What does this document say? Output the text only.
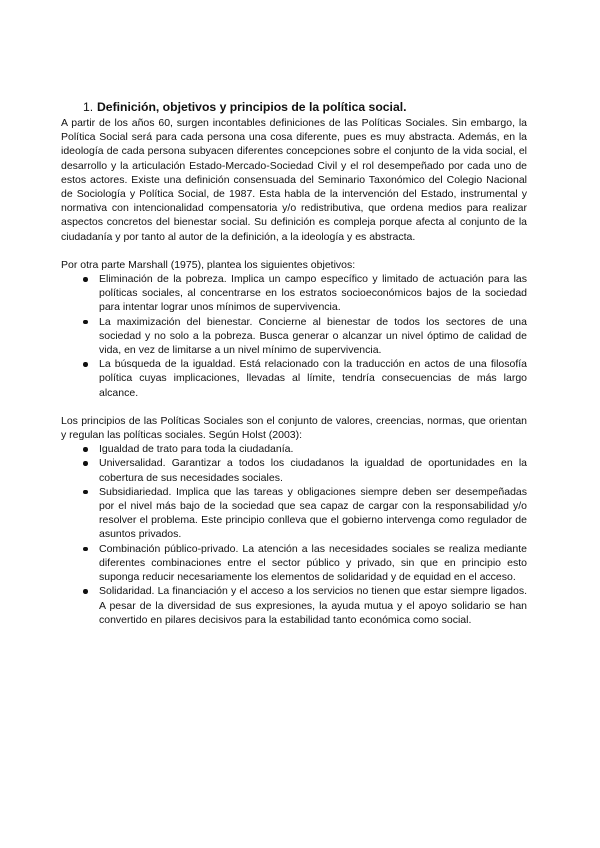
1. Definición, objetivos y principios de la política social.

A partir de los años 60, surgen incontables definiciones de las Políticas Sociales. Sin embargo, la Política Social será para cada persona una cosa diferente, pues es muy abstracta. Además, en la ideología de cada persona subyacen diferentes concepciones sobre el conjunto de la vida social, el desarrollo y la articulación Estado-Mercado-Sociedad Civil y el rol desempeñado por cada uno de estos actores. Existe una definición consensuada del Seminario Taxonómico del Colegio Nacional de Sociología y Política Social, de 1987. Esta habla de la intervención del Estado, instrumental y normativa con intencionalidad compensatoria y/o redistributiva, que ordena medios para realizar aspectos concretos del bienestar social. Su definición es compleja porque afecta al conjunto de la ciudadanía y por tanto al autor de la definición, a la ideología y es abstracta.

Por otra parte Marshall (1975), plantea los siguientes objetivos:

Eliminación de la pobreza. Implica un campo específico y limitado de actuación para las políticas sociales, al concentrarse en los estratos socioeconómicos bajos de la sociedad para intentar lograr unos mínimos de supervivencia.
La maximización del bienestar. Concierne al bienestar de todos los sectores de una sociedad y no solo a la pobreza. Busca generar o alcanzar un nivel óptimo de calidad de vida, en vez de limitarse a un nivel mínimo de supervivencia.
La búsqueda de la igualdad. Está relacionado con la traducción en actos de una filosofía política cuyas implicaciones, llevadas al límite, tendría consecuencias de más largo alcance.

Los principios de las Políticas Sociales son el conjunto de valores, creencias, normas, que orientan y regulan las políticas sociales. Según Holst (2003):

Igualdad de trato para toda la ciudadanía.
Universalidad. Garantizar a todos los ciudadanos la igualdad de oportunidades en la cobertura de sus necesidades sociales.
Subsidiariedad. Implica que las tareas y obligaciones siempre deben ser desempeñadas por el nivel más bajo de la sociedad que sea capaz de cargar con la responsabilidad y/o resolver el problema. Este principio conlleva que el gobierno intervenga como regulador de asuntos privados.
Combinación público-privado. La atención a las necesidades sociales se realiza mediante diferentes combinaciones entre el sector público y privado, sin que en principio esto suponga reducir necesariamente los elementos de solidaridad y de equidad en el acceso.
Solidaridad. La financiación y el acceso a los servicios no tienen que estar siempre ligados. A pesar de la diversidad de sus expresiones, la ayuda mutua y el apoyo solidario se han convertido en pilares decisivos para la estabilidad tanto económica como social.
